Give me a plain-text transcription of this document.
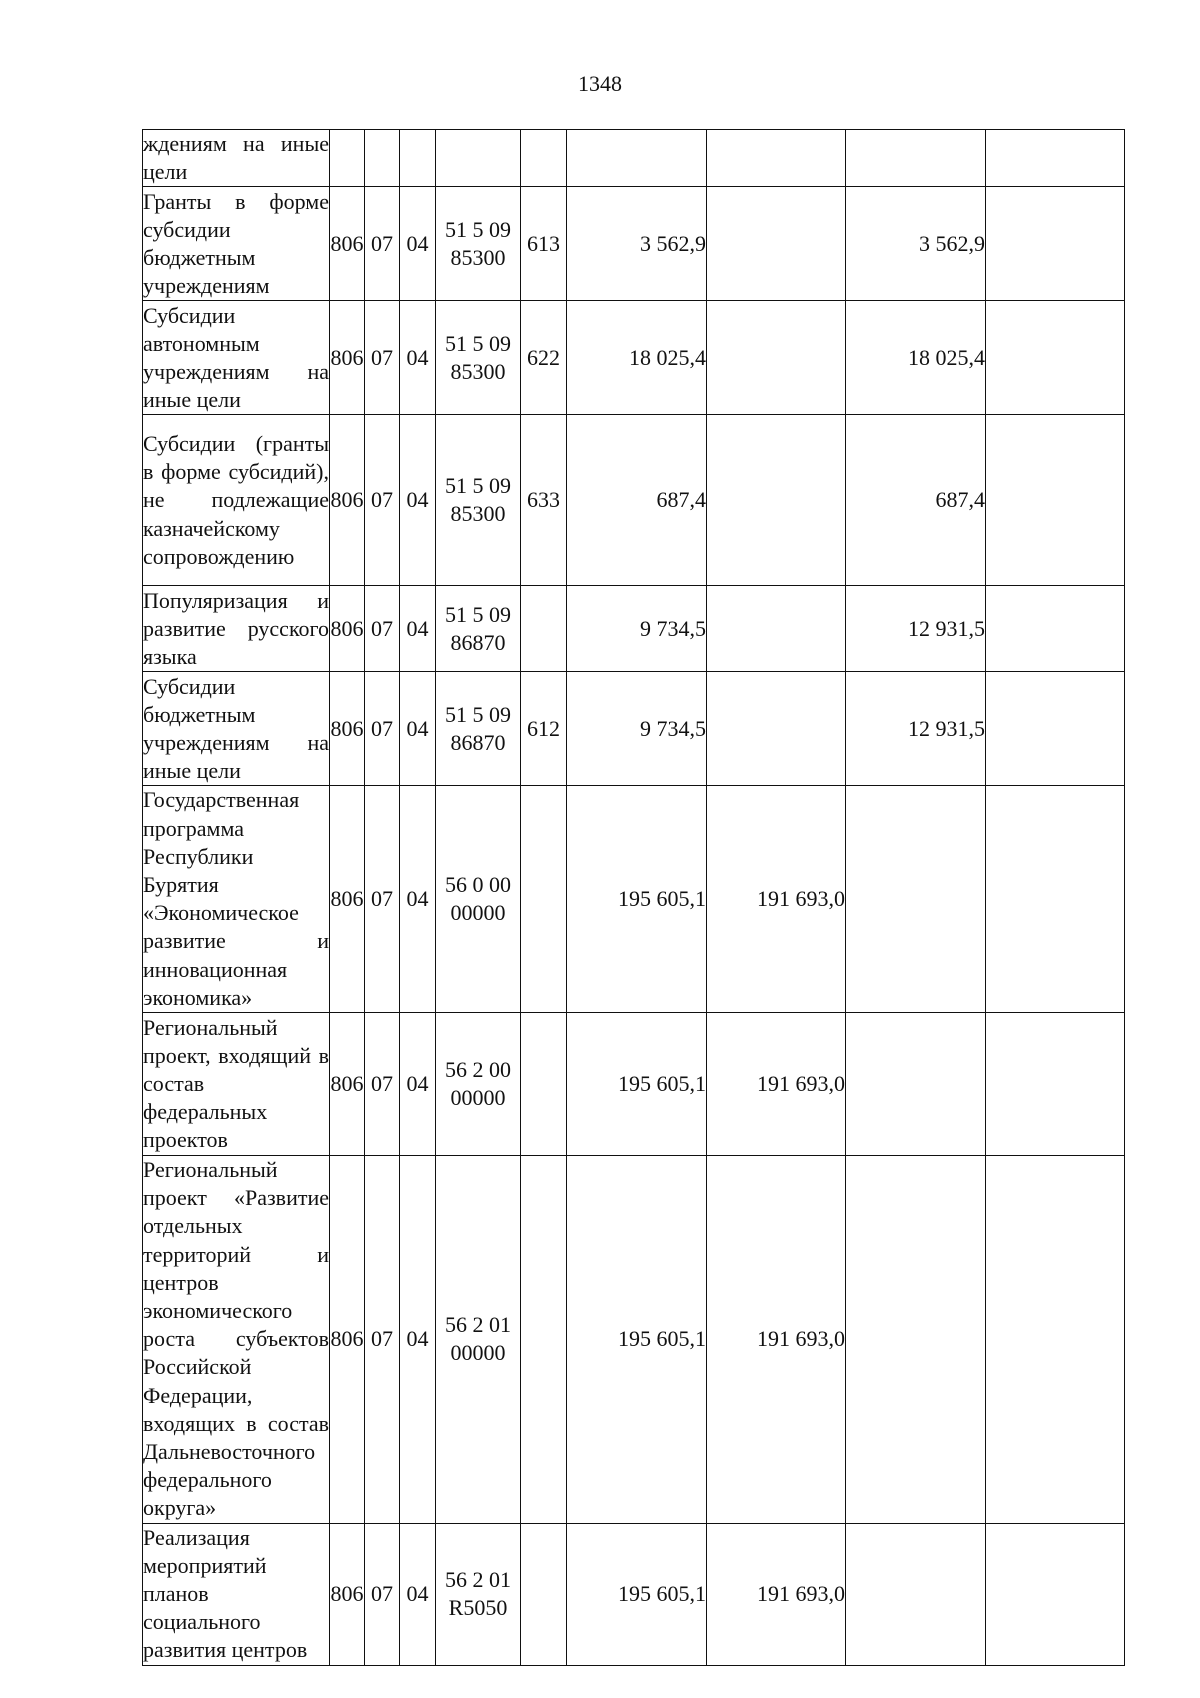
1348
ждениям на иные цели									
Гранты в форме субсидии бюджетным учреждениям	806	07	04	51 5 09 85300	613	3 562,9		3 562,9	
Субсидии автономным учреждениям на иные цели	806	07	04	51 5 09 85300	622	18 025,4		18 025,4	
Субсидии (гранты в форме субсидий), не подлежащие казначейскому сопровождению	806	07	04	51 5 09 85300	633	687,4		687,4	
Популяризация и развитие русского языка	806	07	04	51 5 09 86870		9 734,5		12 931,5	
Субсидии бюджетным учреждениям на иные цели	806	07	04	51 5 09 86870	612	9 734,5		12 931,5	
Государственная программа Республики Бурятия «Экономическое развитие и инновационная экономика»	806	07	04	56 0 00 00000		195 605,1	191 693,0		
Региональный проект, входящий в состав федеральных проектов	806	07	04	56 2 00 00000		195 605,1	191 693,0		
Региональный проект «Развитие отдельных территорий и центров экономического роста субъектов Российской Федерации, входящих в состав Дальневосточного федерального округа»	806	07	04	56 2 01 00000		195 605,1	191 693,0		
Реализация мероприятий планов социального развития центров	806	07	04	56 2 01 R5050		195 605,1	191 693,0		
